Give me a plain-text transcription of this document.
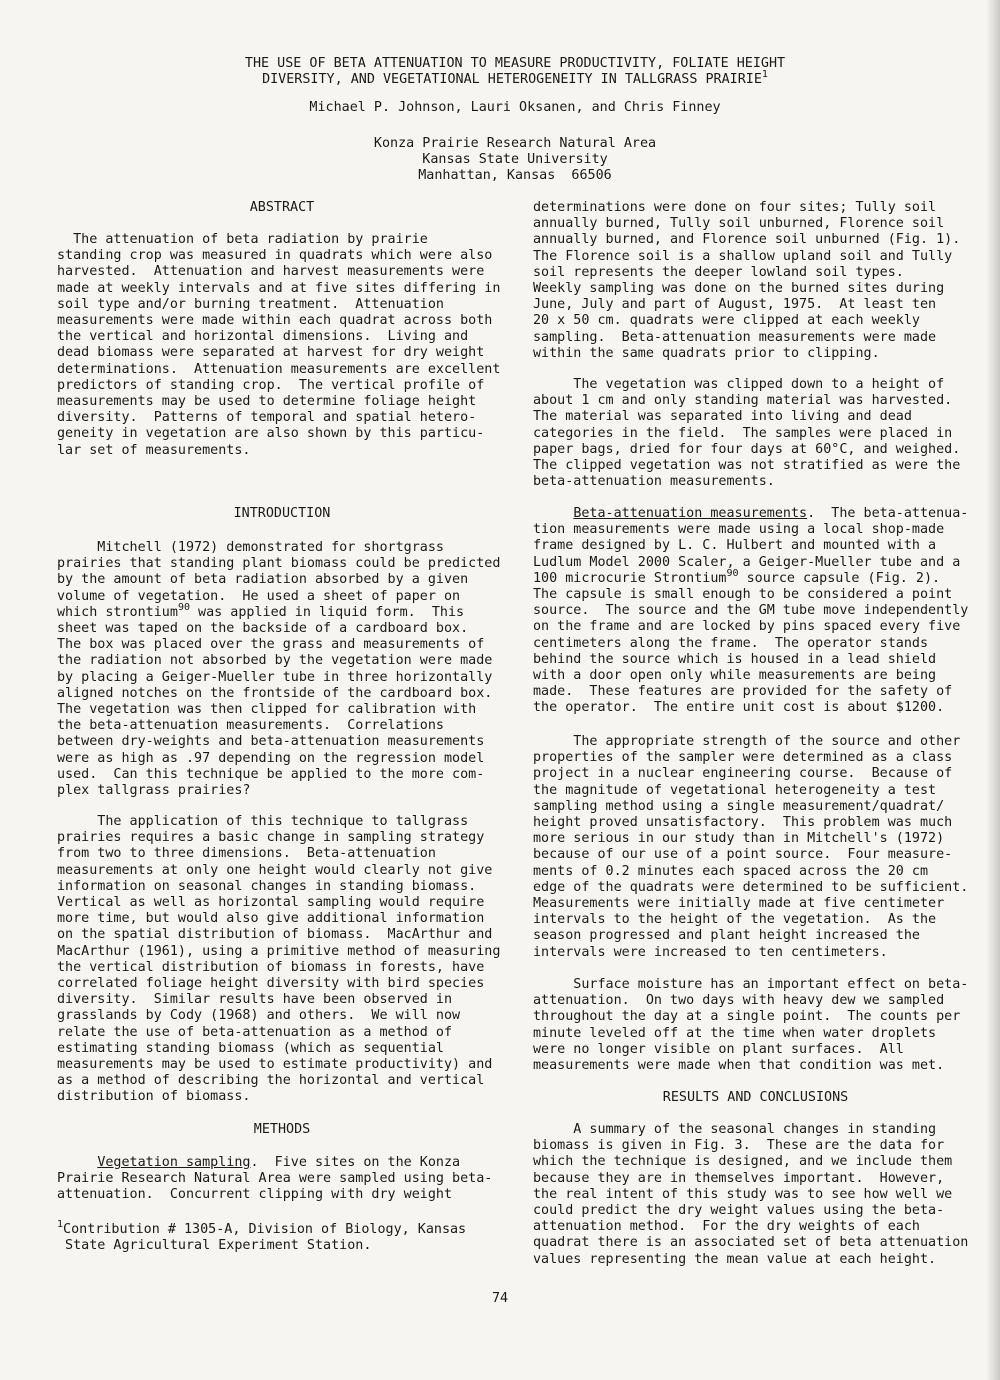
THE USE OF BETA ATTENUATION TO MEASURE PRODUCTIVITY, FOLIATE HEIGHT
DIVERSITY, AND VEGETATIONAL HETEROGENEITY IN TALLGRASS PRAIRIE$^1$
Michael P. Johnson, Lauri Oksanen, and Chris Finney
Konza Prairie Research Natural Area
Kansas State University
Manhattan, Kansas  66506
ABSTRACT

The attenuation of beta radiation by prairie
standing crop was measured in quadrats which were also
harvested.  Attenuation and harvest measurements were
made at weekly intervals and at five sites differing in
soil type and/or burning treatment.  Attenuation
measurements were made within each quadrat across both
the vertical and horizontal dimensions.  Living and
dead biomass were separated at harvest for dry weight
determinations.  Attenuation measurements are excellent
predictors of standing crop.  The vertical profile of
measurements may be used to determine foliage height
diversity.  Patterns of temporal and spatial hetero-
geneity in vegetation are also shown by this particu-
lar set of measurements.

INTRODUCTION

Mitchell (1972) demonstrated for shortgrass
prairies that standing plant biomass could be predicted
by the amount of beta radiation absorbed by a given
volume of vegetation.  He used a sheet of paper on
which strontium$^{90}$ was applied in liquid form.  This
sheet was taped on the backside of a cardboard box.
The box was placed over the grass and measurements of
the radiation not absorbed by the vegetation were made
by placing a Geiger-Mueller tube in three horizontally
aligned notches on the frontside of the cardboard box.
The vegetation was then clipped for calibration with
the beta-attenuation measurements.  Correlations
between dry-weights and beta-attenuation measurements
were as high as .97 depending on the regression model
used.  Can this technique be applied to the more com-
plex tallgrass prairies?

The application of this technique to tallgrass
prairies requires a basic change in sampling strategy
from two to three dimensions.  Beta-attenuation
measurements at only one height would clearly not give
information on seasonal changes in standing biomass.
Vertical as well as horizontal sampling would require
more time, but would also give additional information
on the spatial distribution of biomass.  MacArthur and
MacArthur (1961), using a primitive method of measuring
the vertical distribution of biomass in forests, have
correlated foliage height diversity with bird species
diversity.  Similar results have been observed in
grasslands by Cody (1968) and others.  We will now
relate the use of beta-attenuation as a method of
estimating standing biomass (which as sequential
measurements may be used to estimate productivity) and
as a method of describing the horizontal and vertical
distribution of biomass.

METHODS

Vegetation sampling.  Five sites on the Konza
Prairie Research Natural Area were sampled using beta-
attenuation.  Concurrent clipping with dry weight

$^1$Contribution # 1305-A, Division of Biology, Kansas
State Agricultural Experiment Station.

determinations were done on four sites; Tully soil
annually burned, Tully soil unburned, Florence soil
annually burned, and Florence soil unburned (Fig. 1).
The Florence soil is a shallow upland soil and Tully
soil represents the deeper lowland soil types.
Weekly sampling was done on the burned sites during
June, July and part of August, 1975.  At least ten
20 x 50 cm. quadrats were clipped at each weekly
sampling.  Beta-attenuation measurements were made
within the same quadrats prior to clipping.

The vegetation was clipped down to a height of
about 1 cm and only standing material was harvested.
The material was separated into living and dead
categories in the field.  The samples were placed in
paper bags, dried for four days at 60°C, and weighed.
The clipped vegetation was not stratified as were the
beta-attenuation measurements.

Beta-attenuation measurements.  The beta-attenua-
tion measurements were made using a local shop-made
frame designed by L. C. Hulbert and mounted with a
Ludlum Model 2000 Scaler, a Geiger-Mueller tube and a
100 microcurie Strontium$^{90}$ source capsule (Fig. 2).
The capsule is small enough to be considered a point
source.  The source and the GM tube move independently
on the frame and are locked by pins spaced every five
centimeters along the frame.  The operator stands
behind the source which is housed in a lead shield
with a door open only while measurements are being
made.  These features are provided for the safety of
the operator.  The entire unit cost is about $1200.

The appropriate strength of the source and other
properties of the sampler were determined as a class
project in a nuclear engineering course.  Because of
the magnitude of vegetational heterogeneity a test
sampling method using a single measurement/quadrat/
height proved unsatisfactory.  This problem was much
more serious in our study than in Mitchell's (1972)
because of our use of a point source.  Four measure-
ments of 0.2 minutes each spaced across the 20 cm
edge of the quadrats were determined to be sufficient.
Measurements were initially made at five centimeter
intervals to the height of the vegetation.  As the
season progressed and plant height increased the
intervals were increased to ten centimeters.

Surface moisture has an important effect on beta-
attenuation.  On two days with heavy dew we sampled
throughout the day at a single point.  The counts per
minute leveled off at the time when water droplets
were no longer visible on plant surfaces.  All
measurements were made when that condition was met.

RESULTS AND CONCLUSIONS

A summary of the seasonal changes in standing
biomass is given in Fig. 3.  These are the data for
which the technique is designed, and we include them
because they are in themselves important.  However,
the real intent of this study was to see how well we
could predict the dry weight values using the beta-
attenuation method.  For the dry weights of each
quadrat there is an associated set of beta attenuation
values representing the mean value at each height.

74
